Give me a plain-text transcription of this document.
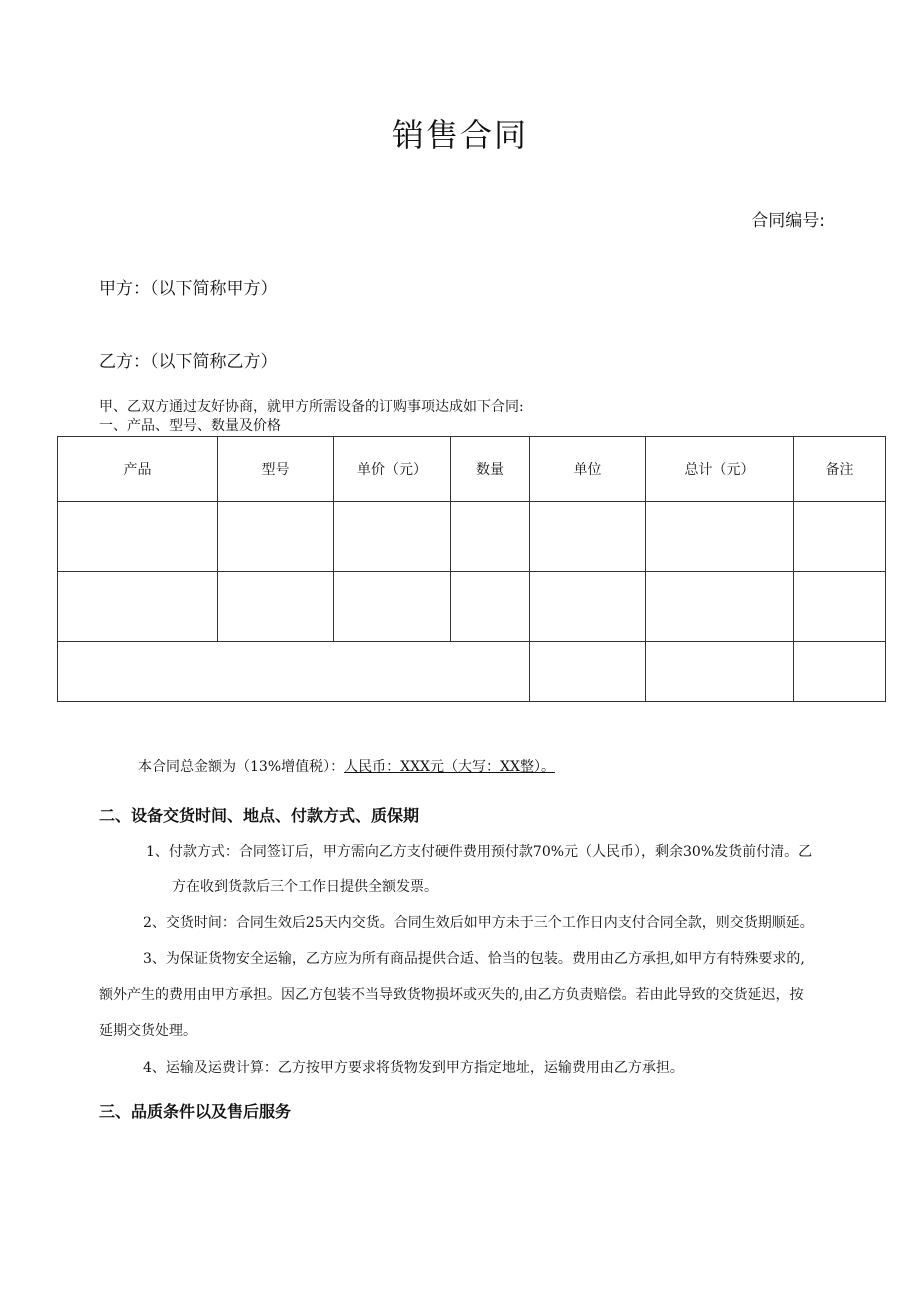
销售合同
合同编号:
甲方：（以下简称甲方）
乙方：（以下简称乙方）
甲、乙双方通过友好协商，就甲方所需设备的订购事项达成如下合同:
一、产品、型号、数量及价格
产品	型号	单价（元）	数量	单位	总计（元）	备注

本合同总金额为（13%增值税）：人民币：XXX元（大写：XX整）。
二、设备交货时间、地点、付款方式、质保期
1、付款方式：合同签订后，甲方需向乙方支付硬件费用预付款70%元（人民币），剩余30%发货前付清。乙
方在收到货款后三个工作日提供全额发票。
2、交货时间：合同生效后25天内交货。合同生效后如甲方未于三个工作日内支付合同全款，则交货期顺延。
3、为保证货物安全运输，乙方应为所有商品提供合适、恰当的包装。费用由乙方承担,如甲方有特殊要求的,
额外产生的费用由甲方承担。因乙方包装不当导致货物损坏或灭失的,由乙方负责赔偿。若由此导致的交货延迟，按
延期交货处理。
4、运输及运费计算：乙方按甲方要求将货物发到甲方指定地址，运输费用由乙方承担。
三、品质条件以及售后服务
